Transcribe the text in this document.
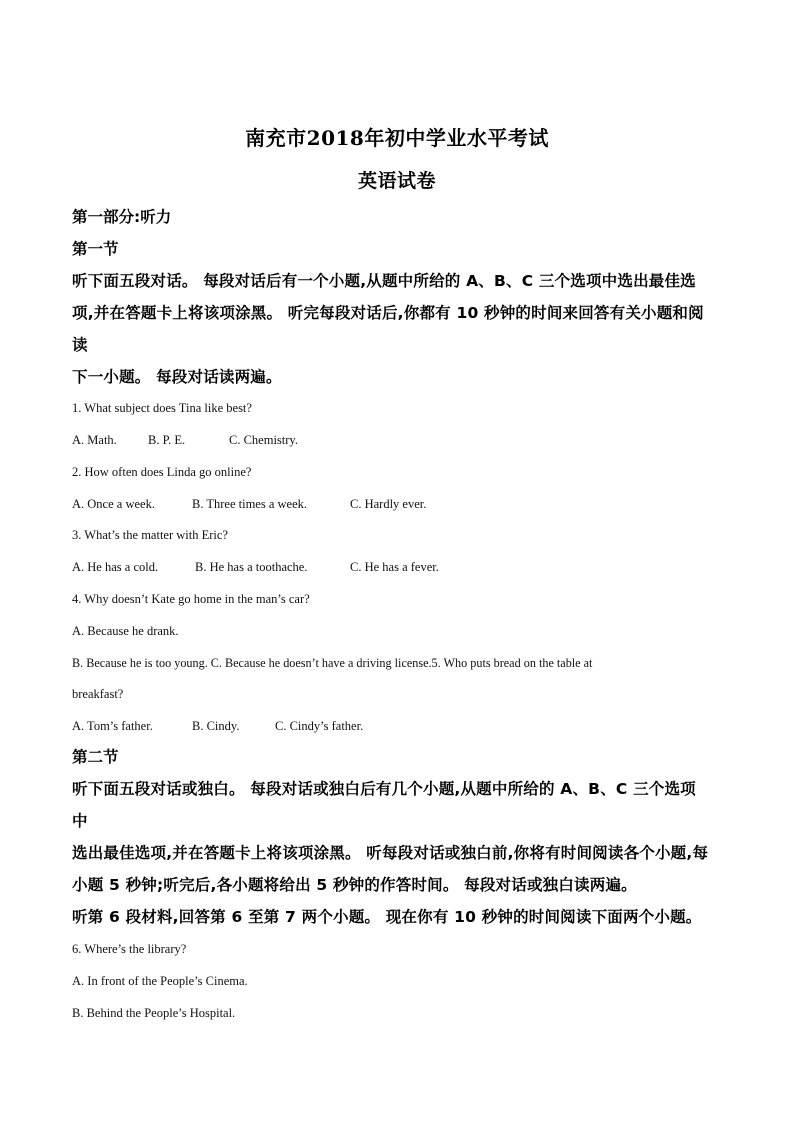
南充市2018年初中学业水平考试
英语试卷
第一部分:听力
第一节
听下面五段对话。 每段对话后有一个小题,从题中所给的 A、B、C 三个选项中选出最佳选
项,并在答题卡上将该项涂黑。 听完每段对话后,你都有 10 秒钟的时间来回答有关小题和阅
读
下一小题。 每段对话读两遍。
1. What subject does Tina like best?
A. Math. B. P. E.	C. Chemistry.
2. How often does Linda go online?
A. Once a week.	B. Three times a week.	C. Hardly ever.
3. What’s the matter with Eric?
A. He has a cold.	B. He has a toothache.	C. He has a fever.
4. Why doesn’t Kate go home in the man’s car?
A. Because he drank.
B. Because he is too young. C. Because he doesn’t have a driving license.5. Who puts bread on the table at
breakfast?
A. Tom’s father.	B. Cindy.	C. Cindy’s father.
第二节
听下面五段对话或独白。 每段对话或独白后有几个小题,从题中所给的 A、B、C 三个选项
中
选出最佳选项,并在答题卡上将该项涂黑。 听每段对话或独白前,你将有时间阅读各个小题,每
小题 5 秒钟;听完后,各小题将给出 5 秒钟的作答时间。 每段对话或独白读两遍。
听第 6 段材料,回答第 6 至第 7 两个小题。 现在你有 10 秒钟的时间阅读下面两个小题。
6. Where’s the library?
A. In front of the People’s Cinema.
B. Behind the People’s Hospital.
